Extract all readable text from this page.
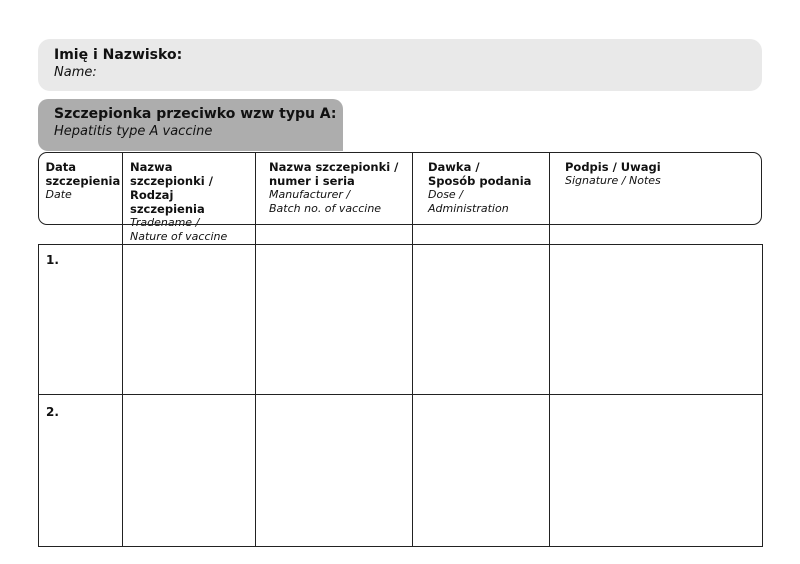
Imię i Nazwisko:
Name:
Szczepionka przeciwko wzw typu A:
Hepatitis type A vaccine
Data
szczepienia
Date	Nazwa szczepionki /
Rodzaj szczepienia
Tradename /
Nature of vaccine	Nazwa szczepionki /
numer i seria
Manufacturer /
Batch no. of vaccine	Dawka /
Sposób podania
Dose / Administration	Podpis / Uwagi
Signature / Notes

1.				
2.				
